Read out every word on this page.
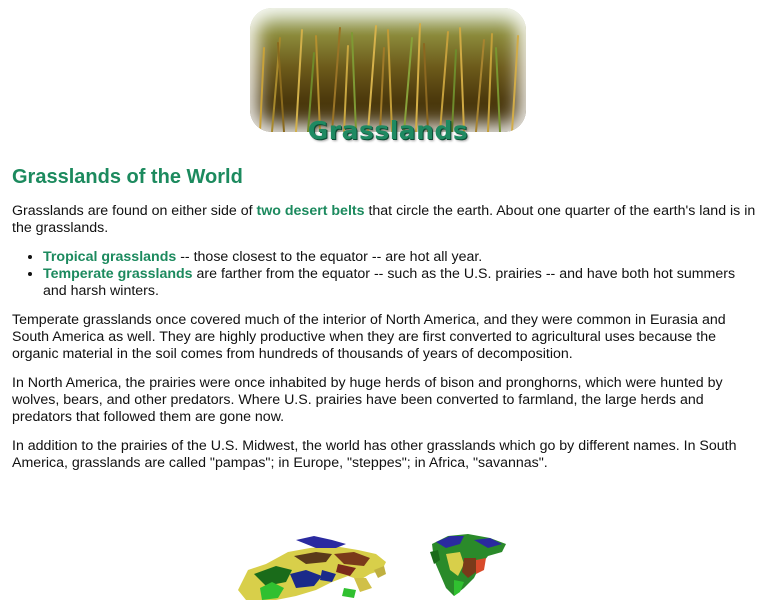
Grasslands
Grasslands of the World

Grasslands are found on either side of two desert belts that circle the earth. About one quarter of the earth's land is in the grasslands.

• Tropical grasslands -- those closest to the equator -- are hot all year.
• Temperate grasslands are farther from the equator -- such as the U.S. prairies -- and have both hot summers and harsh winters.

Temperate grasslands once covered much of the interior of North America, and they were common in Eurasia and South America as well. They are highly productive when they are first converted to agricultural uses because the organic material in the soil comes from hundreds of thousands of years of decomposition.

In North America, the prairies were once inhabited by huge herds of bison and pronghorns, which were hunted by wolves, bears, and other predators. Where U.S. prairies have been converted to farmland, the large herds and predators that followed them are gone now.

In addition to the prairies of the U.S. Midwest, the world has other grasslands which go by different names. In South America, grasslands are called "pampas"; in Europe, "steppes"; in Africa, "savannas".
